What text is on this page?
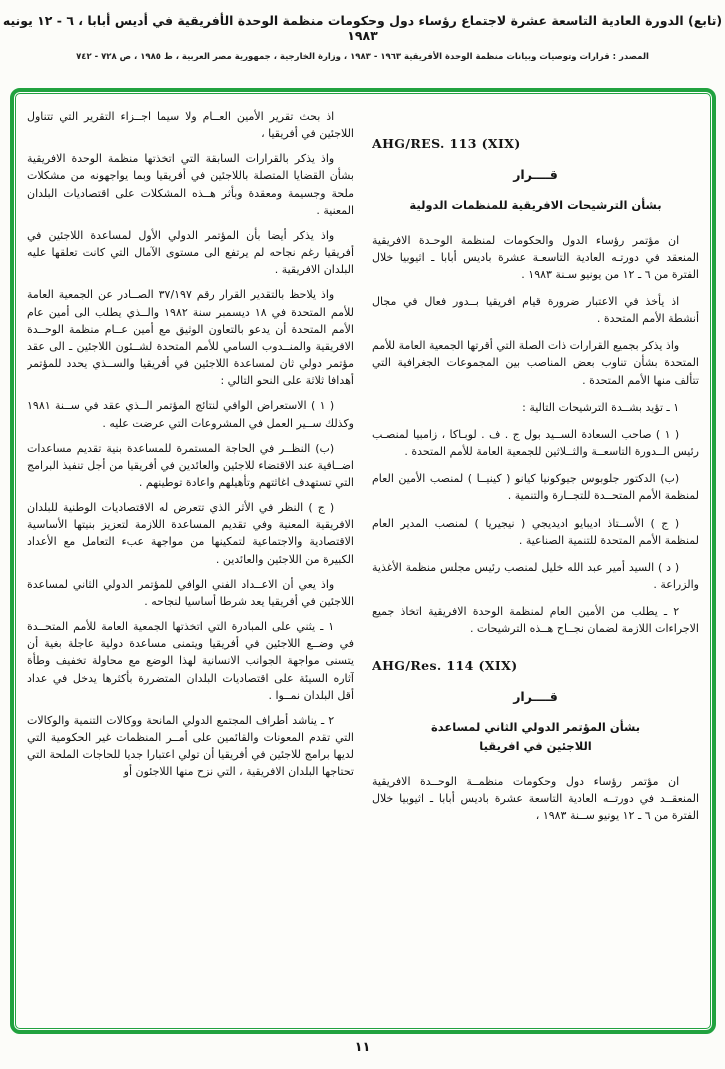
(تابع) الدورة العادية التاسعة عشرة لاجتماع رؤساء دول وحكومات منظمة الوحدة الأفريقية في أديس أبابا ، ٦ - ١٢ يونيه ١٩٨٣
المصدر : قرارات وتوصيات وبيانات منظمة الوحدة الأفريقية ١٩٦٣ - ١٩٨٣ ، وزارة الخارجية ، جمهورية مصر العربية ، ط ١٩٨٥ ، ص ٧٢٨ - ٧٤٢
AHG/RES. 113 (XIX)
قــــرار
بشأن الترشيحات الافريقية للمنظمات الدولية

ان مؤتمر رؤساء الدول والحكومات لمنظمة الوحـدة الافريقية المنعقد في دورتـه العادية التاسعـة عشرة باديس أبابا ـ اثيوبيا خلال الفترة من ٦ ـ ١٢ من يونيو سـنة ١٩٨٣ .

اذ يأخذ في الاعتبار ضرورة قيام افريقيا بــدور فعال في مجال أنشطة الأمم المتحدة .

واذ يذكر بجميع القرارات ذات الصلة التي أقرتها الجمعية العامة للأمم المتحدة بشأن تناوب بعض المناصب بين المجموعات الجغرافية التي تتألف منها الأمم المتحدة .

١ ـ تؤيد بشــدة الترشيحات التالية :

( ١ ) صاحب السعادة الســيد بول ج . ف . لوبـاكا ، زامبيا لمنصـب رئيس الــدورة التاسعــة والثــلاثين للجمعية العامة للأمم المتحدة .

(ب) الدكتور جلوبوس جيوكونيا كيانو ( كينيــا ) لمنصب الأمين العام لمنظمة الأمم المتحــدة للتجــارة والتنمية .

( ج ) الأســتاذ اديبايو اديديجي ( نيجيريا ) لمنصب المدير العام لمنظمة الأمم المتحدة للتنمية الصناعية .

( د ) السيد أمير عبد الله خليل لمنصب رئيس مجلس منظمة الأغذية والزراعة .

٢ ـ يطلب من الأمين العام لمنظمة الوحدة الافريقية اتخاذ جميع الاجراءات اللازمة لضمان نجــاح هــذه الترشيحات .

AHG/Res. 114 (XIX)
قــــرار
بشأن المؤتمر الدولي الثاني لمساعدة
اللاجئين في افريقيا

ان مؤتمر رؤساء دول وحكومات منظمــة الوحــدة الافريقية المنعقــد في دورتــه العادية التاسعة عشرة باديس أبابا ـ اثيوبيا خلال الفترة من ٦ ـ ١٢ يونيو ســنة ١٩٨٣ ،

اذ بحث تقرير الأمين العــام ولا سيما اجــزاء التقرير التي تتناول اللاجئين في أفريقيا ،

واذ يذكر بالقرارات السابقة التي اتخذتها منظمة الوحدة الافريقية بشأن القضايا المتصلة باللاجئين في أفريقيا وبما يواجهونه من مشكلات ملحة وجسيمة ومعقدة وبأثر هــذه المشكلات على اقتصاديات البلدان المعنية .

واذ يذكر أيضا بأن المؤتمر الدولي الأول لمساعدة اللاجئين في أفريقيا رغم نجاحه لم يرتفع الى مستوى الآمال التي كانت تعلقها عليه البلدان الافريقية .

واذ يلاحظ بالتقدير القرار رقم ٣٧/١٩٧ الصــادر عن الجمعية العامة للأمم المتحدة في ١٨ ديسمبر سنة ١٩٨٢ والــذي يطلب الى أمين عام الأمم المتحدة أن يدعو بالتعاون الوثيق مع أمين عــام منظمة الوحــدة الافريقية والمنــدوب السامي للأمم المتحدة لشــئون اللاجئين ـ الى عقد مؤتمر دولي ثان لمساعدة اللاجئين في أفريقيا والســذي يحدد للمؤتمر أهدافا ثلاثة على النحو التالي :

( ١ ) الاستعراض الوافي لنتائج المؤتمر الــذي عقد في ســنة ١٩٨١ وكذلك ســير العمل في المشروعات التي عرضت عليه .

(ب) النظــر في الحاجة المستمرة للمساعدة بنية تقديم مساعدات اضــافية عند الاقتضاء للاجئين والعائدين في أفريقيا من أجل تنفيذ البرامج التي تستهدف اغاثتهم وتأهيلهم واعادة توطينهم .

( ج ) النظر في الأثر الذي تتعرض له الاقتصاديات الوطنية للبلدان الافريقية المعنية وفي تقديم المساعدة اللازمة لتعزيز بنيتها الأساسية الاقتصادية والاجتماعية لتمكينها من مواجهة عبء التعامل مع الأعداد الكبيرة من اللاجئين والعائدين .

واذ يعي أن الاعــداد الفني الوافي للمؤتمر الدولي الثاني لمساعدة اللاجئين في أفريقيا يعد شرطا أساسيا لنجاحه .

١ ـ يثني على المبادرة التي اتخذتها الجمعية العامة للأمم المتحــدة في وضــع اللاجئين في أفريقيا ويتمنى مساعدة دولية عاجلة بغية أن يتسنى مواجهة الجوانب الانسانية لهذا الوضع مع محاولة تخفيف وطأة آثاره السيئة على اقتصاديات البلدان المتضررة بأكثرها يدخل في عداد أقل البلدان نمــوا .

٢ ـ يناشد أطراف المجتمع الدولي المانحة ووكالات التنمية والوكالات التي تقدم المعونات والقائمين على أمــر المنظمات غير الحكومية التي لديها برامج للاجئين في أفريقيا أن تولي اعتبارا جديا للحاجات الملحة التي تحتاجها البلدان الافريقية ، التي نزح منها اللاجئون أو

١١
